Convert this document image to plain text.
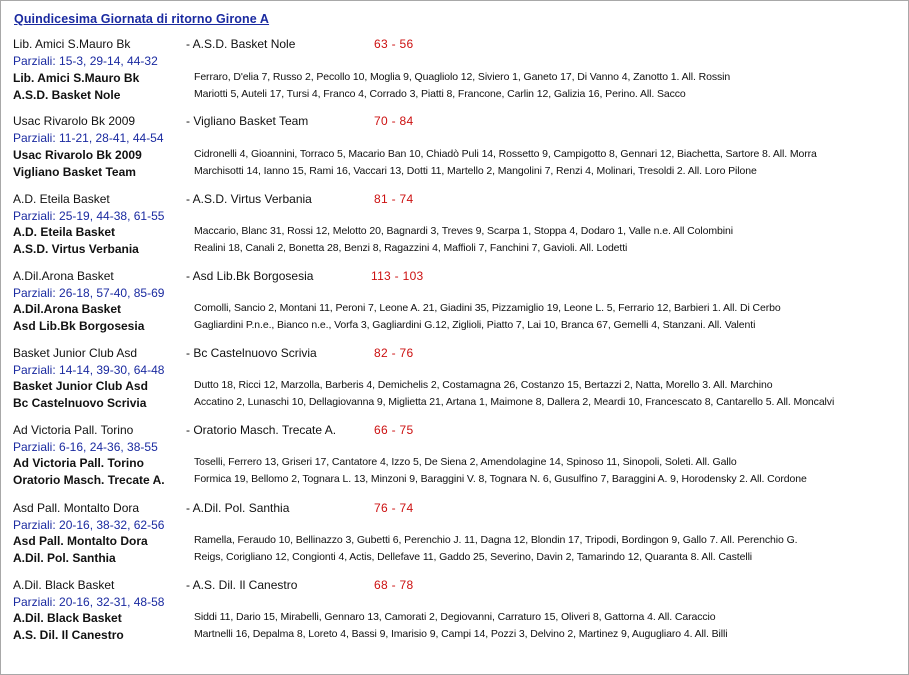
Quindicesima Giornata di ritorno Girone A
Lib. Amici S.Mauro Bk	- A.S.D. Basket Nole	63 - 56
Parziali: 15-3, 29-14, 44-32
Lib. Amici S.Mauro Bk	Ferraro, D'elia 7, Russo 2, Pecollo 10, Moglia 9, Quagliolo 12, Siviero 1, Ganeto 17, Di Vanno 4, Zanotto 1. All. Rossin
A.S.D. Basket Nole	Mariotti 5, Auteli 17, Tursi 4, Franco 4, Corrado 3, Piatti 8, Francone, Carlin 12, Galizia 16, Perino. All. Sacco
Usac Rivarolo Bk 2009	- Vigliano Basket Team	70 - 84
Parziali: 11-21, 28-41, 44-54
Usac Rivarolo Bk 2009	Cidronelli 4, Gioannini, Torraco 5, Macario Ban 10, Chiadò Puli 14, Rossetto 9, Campigotto 8, Gennari 12, Biachetta, Sartore 8. All. Morra
Vigliano Basket Team	Marchisotti 14, Ianno 15, Rami 16, Vaccari 13, Dotti 11, Martello 2, Mangolini 7, Renzi 4, Molinari, Tresoldi 2. All. Loro Pilone
A.D. Eteila Basket	- A.S.D. Virtus Verbania	81 - 74
Parziali: 25-19, 44-38, 61-55
A.D. Eteila Basket	Maccario, Blanc 31, Rossi 12, Melotto 20, Bagnardi 3, Treves 9, Scarpa 1, Stoppa 4, Dodaro 1, Valle n.e. All Colombini
A.S.D. Virtus Verbania	Realini 18, Canali 2, Bonetta 28, Benzi 8, Ragazzini 4, Maffioli 7, Fanchini 7, Gavioli. All. Lodetti
A.Dil.Arona Basket	- Asd Lib.Bk Borgosesia	113 - 103
Parziali: 26-18, 57-40, 85-69
A.Dil.Arona Basket	Comolli, Sancio 2, Montani 11, Peroni 7, Leone A. 21, Giadini 35, Pizzamiglio 19, Leone L. 5, Ferrario 12, Barbieri 1. All. Di Cerbo
Asd Lib.Bk Borgosesia	Gagliardini P.n.e., Bianco n.e., Vorfa 3, Gagliardini G.12, Ziglioli, Piatto 7, Lai 10, Branca 67, Gemelli 4, Stanzani. All. Valenti
Basket Junior Club Asd	- Bc Castelnuovo Scrivia	82 - 76
Parziali: 14-14, 39-30, 64-48
Basket Junior Club Asd	Dutto 18, Ricci 12, Marzolla, Barberis 4, Demichelis 2, Costamagna 26, Costanzo 15, Bertazzi 2, Natta, Morello 3. All. Marchino
Bc Castelnuovo Scrivia	Accatino 2, Lunaschi 10, Dellagiovanna 9, Miglietta 21, Artana 1, Maimone 8, Dallera 2, Meardi 10, Francescato 8, Cantarello 5. All. Moncalvi
Ad Victoria Pall. Torino	- Oratorio Masch. Trecate A.	66 - 75
Parziali: 6-16, 24-36, 38-55
Ad Victoria Pall. Torino	Toselli, Ferrero 13, Griseri 17, Cantatore 4, Izzo 5, De Siena 2, Amendolagine 14, Spinoso 11, Sinopoli, Soleti. All. Gallo
Oratorio Masch. Trecate A.	Formica 19, Bellomo 2, Tognara L. 13, Minzoni 9, Baraggini V. 8, Tognara N. 6, Gusulfino 7, Baraggini A. 9, Horodensky 2. All. Cordone
Asd Pall. Montalto Dora	- A.Dil. Pol. Santhia	76 - 74
Parziali: 20-16, 38-32, 62-56
Asd Pall. Montalto Dora	Ramella, Feraudo 10, Bellinazzo 3, Gubetti 6, Perenchio J. 11, Dagna 12, Blondin 17, Tripodi, Bordingon 9, Gallo 7. All. Perenchio G.
A.Dil. Pol. Santhia	Reigs, Corigliano 12, Congionti 4, Actis, Dellefave 11, Gaddo 25, Severino, Davin 2, Tamarindo 12, Quaranta 8. All. Castelli
A.Dil. Black Basket	- A.S. Dil. Il Canestro	68 - 78
Parziali: 20-16, 32-31, 48-58
A.Dil. Black Basket	Siddi 11, Dario 15, Mirabelli, Gennaro 13, Camorati 2, Degiovanni, Carraturo 15, Oliveri 8, Gattorna 4. All. Caraccio
A.S. Dil. Il Canestro	Martnelli 16, Depalma 8, Loreto 4, Bassi 9, Imarisio 9, Campi 14, Pozzi 3, Delvino 2, Martinez 9, Augugliaro 4. All. Billi
